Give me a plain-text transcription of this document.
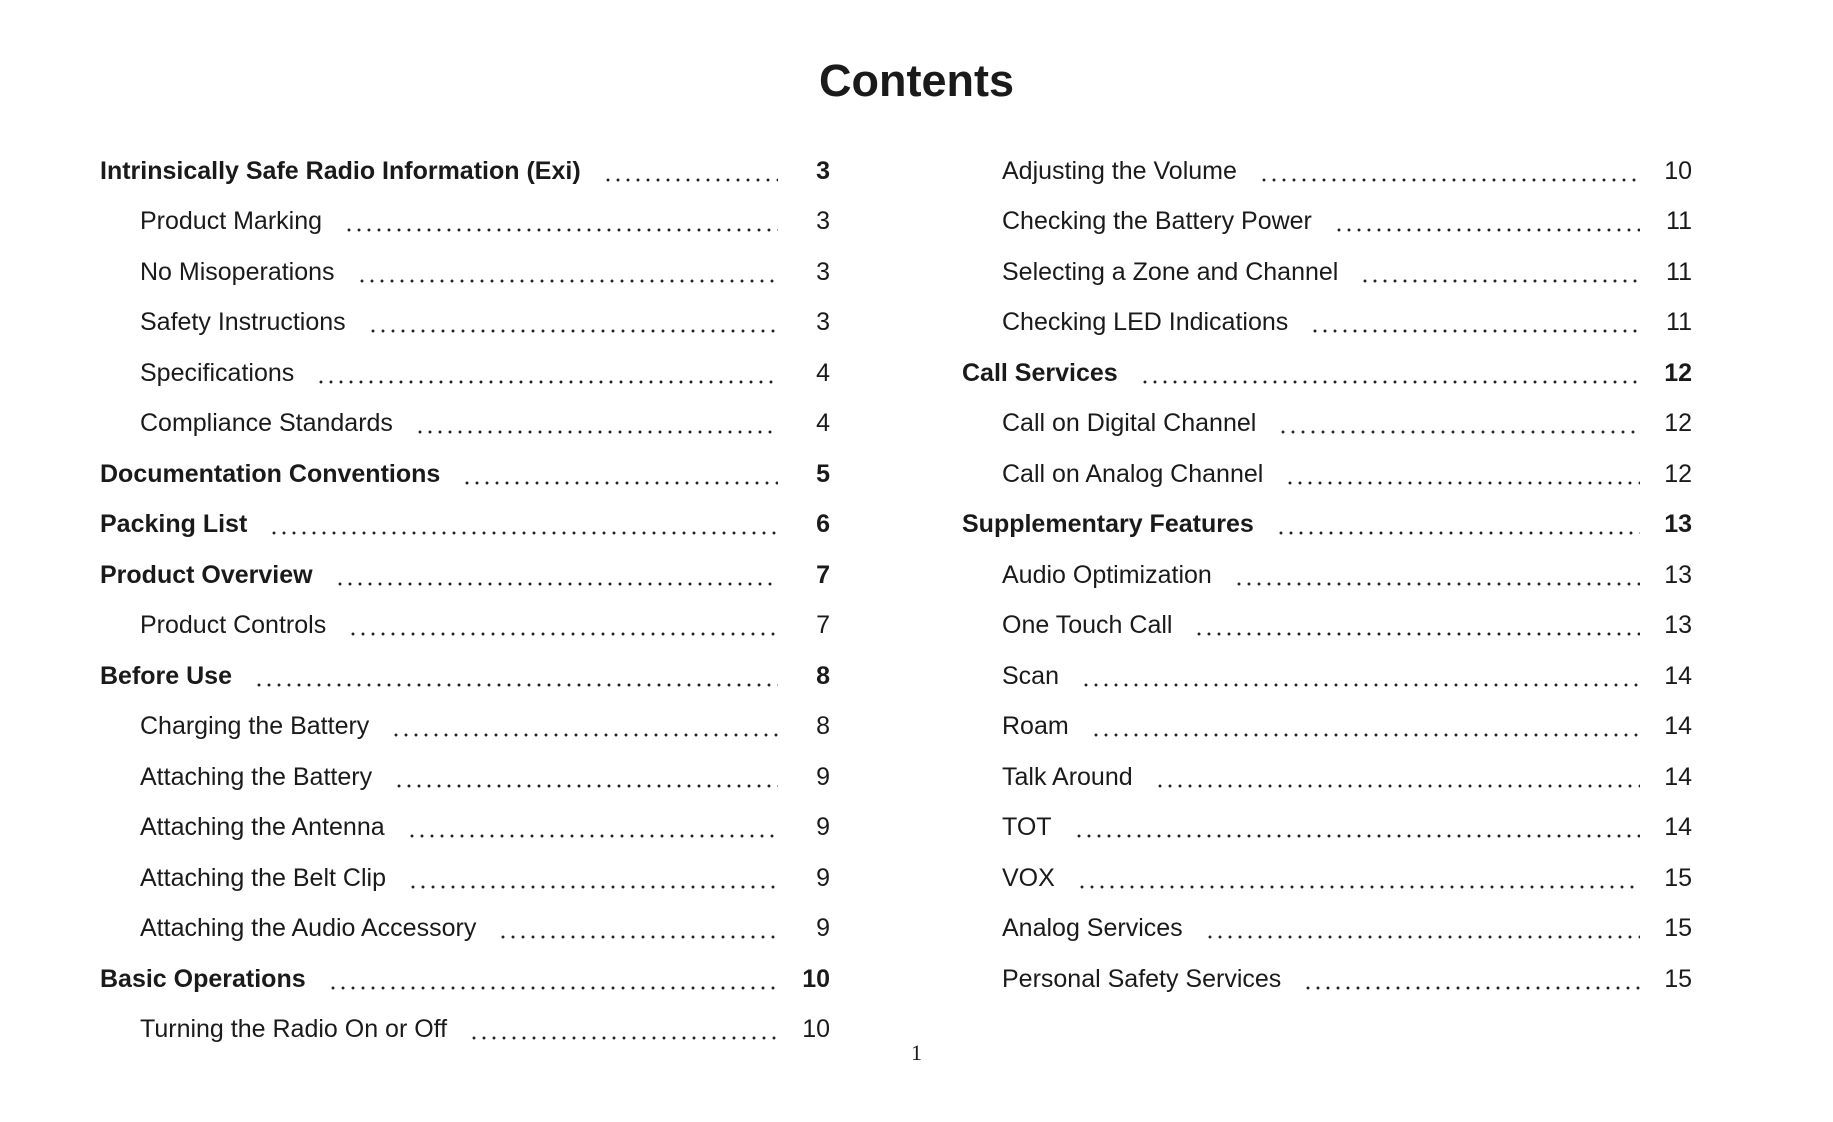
Contents
Intrinsically Safe Radio Information (Exi)	3
Product Marking	3
No Misoperations	3
Safety Instructions	3
Specifications	4
Compliance Standards	4
Documentation Conventions	5
Packing List	6
Product Overview	7
Product Controls	7
Before Use	8
Charging the Battery	8
Attaching the Battery	9
Attaching the Antenna	9
Attaching the Belt Clip	9
Attaching the Audio Accessory	9
Basic Operations	10
Turning the Radio On or Off	10
Adjusting the Volume	10
Checking the Battery Power	11
Selecting a Zone and Channel	11
Checking LED Indications	11
Call Services	12
Call on Digital Channel	12
Call on Analog Channel	12
Supplementary Features	13
Audio Optimization	13
One Touch Call	13
Scan	14
Roam	14
Talk Around	14
TOT	14
VOX	15
Analog Services	15
Personal Safety Services	15
1
